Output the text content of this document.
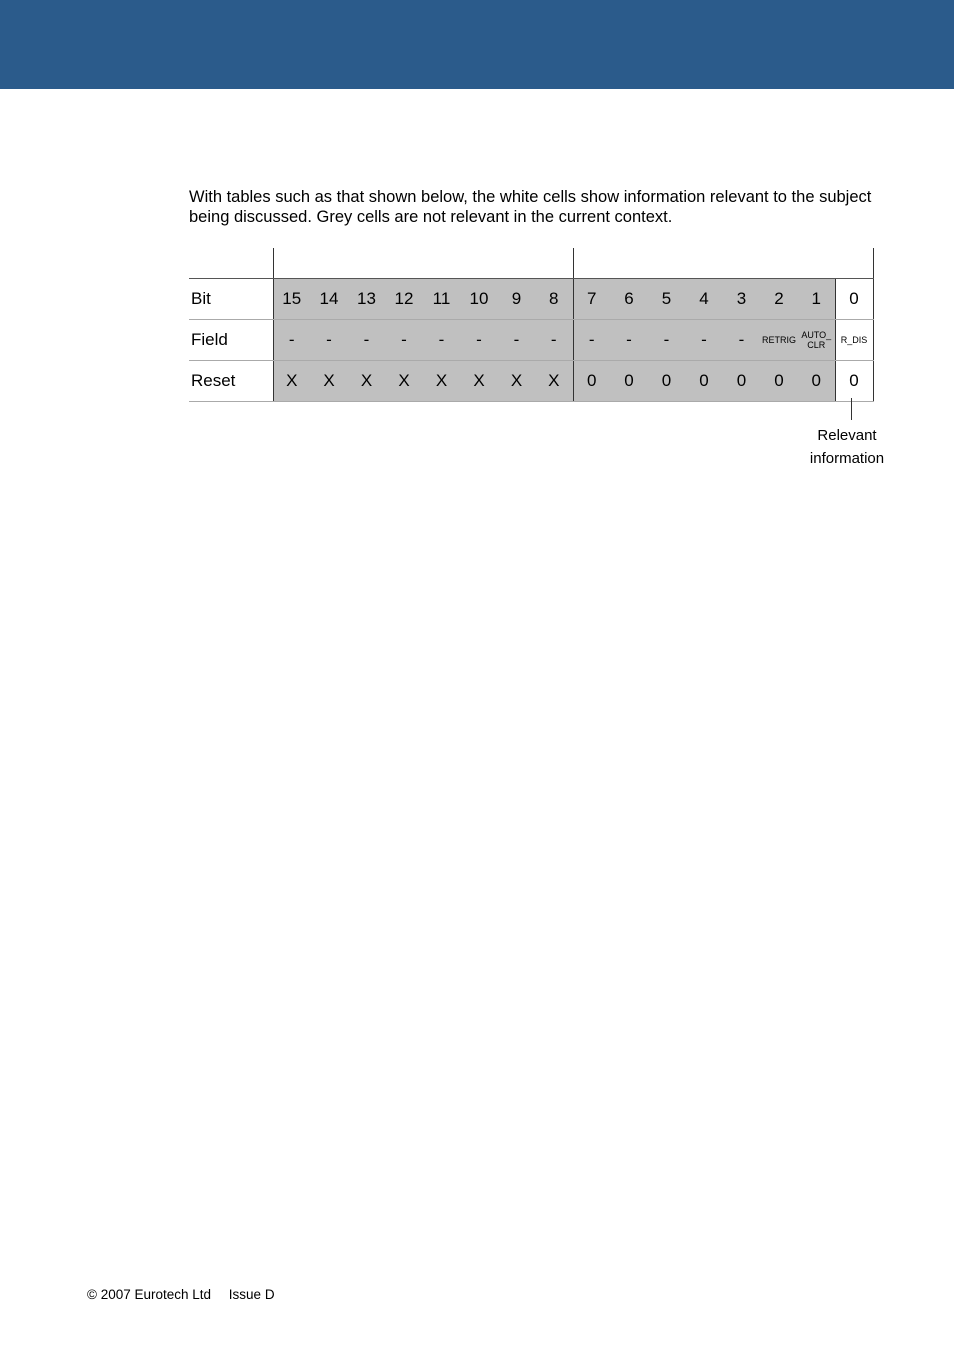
With tables such as that shown below, the white cells show information relevant to the subject being discussed. Grey cells are not relevant in the current context.

Bit	15	14	13	12	11	10	9	8	7	6	5	4	3	2	1	0
Field	-	-	-	-	-	-	-	-	-	-	-	-	-	RETRIG	AUTO_ CLR	R_DIS
Reset	X	X	X	X	X	X	X	X	0	0	0	0	0	0	0	0
Relevant
information
© 2007 Eurotech Ltd Issue D
